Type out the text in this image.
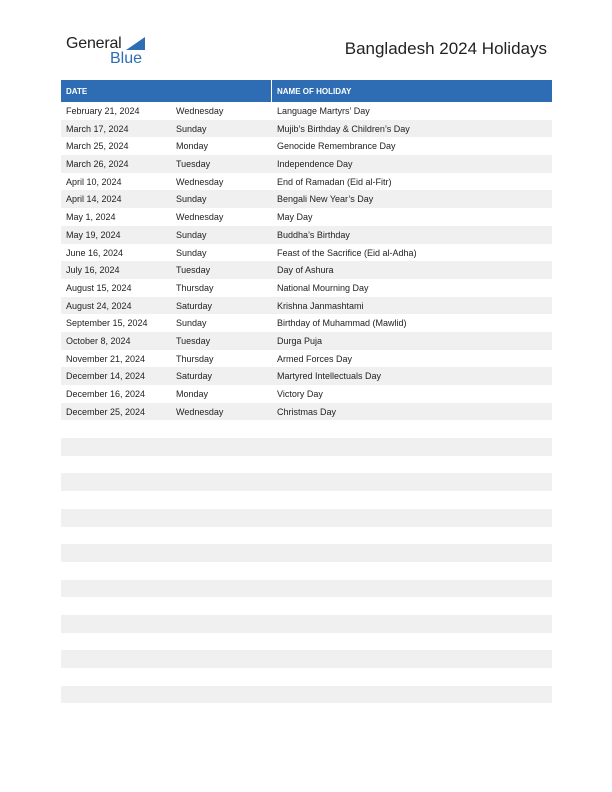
General
Blue
Bangladesh 2024 Holidays
DATE	NAME OF HOLIDAY
February 21, 2024	Wednesday	Language Martyrs’ Day
March 17, 2024	Sunday	Mujib’s Birthday & Children’s Day
March 25, 2024	Monday	Genocide Remembrance Day
March 26, 2024	Tuesday	Independence Day
April 10, 2024	Wednesday	End of Ramadan (Eid al-Fitr)
April 14, 2024	Sunday	Bengali New Year’s Day
May 1, 2024	Wednesday	May Day
May 19, 2024	Sunday	Buddha’s Birthday
June 16, 2024	Sunday	Feast of the Sacrifice (Eid al-Adha)
July 16, 2024	Tuesday	Day of Ashura
August 15, 2024	Thursday	National Mourning Day
August 24, 2024	Saturday	Krishna Janmashtami
September 15, 2024	Sunday	Birthday of Muhammad (Mawlid)
October 8, 2024	Tuesday	Durga Puja
November 21, 2024	Thursday	Armed Forces Day
December 14, 2024	Saturday	Martyred Intellectuals Day
December 16, 2024	Monday	Victory Day
December 25, 2024	Wednesday	Christmas Day
